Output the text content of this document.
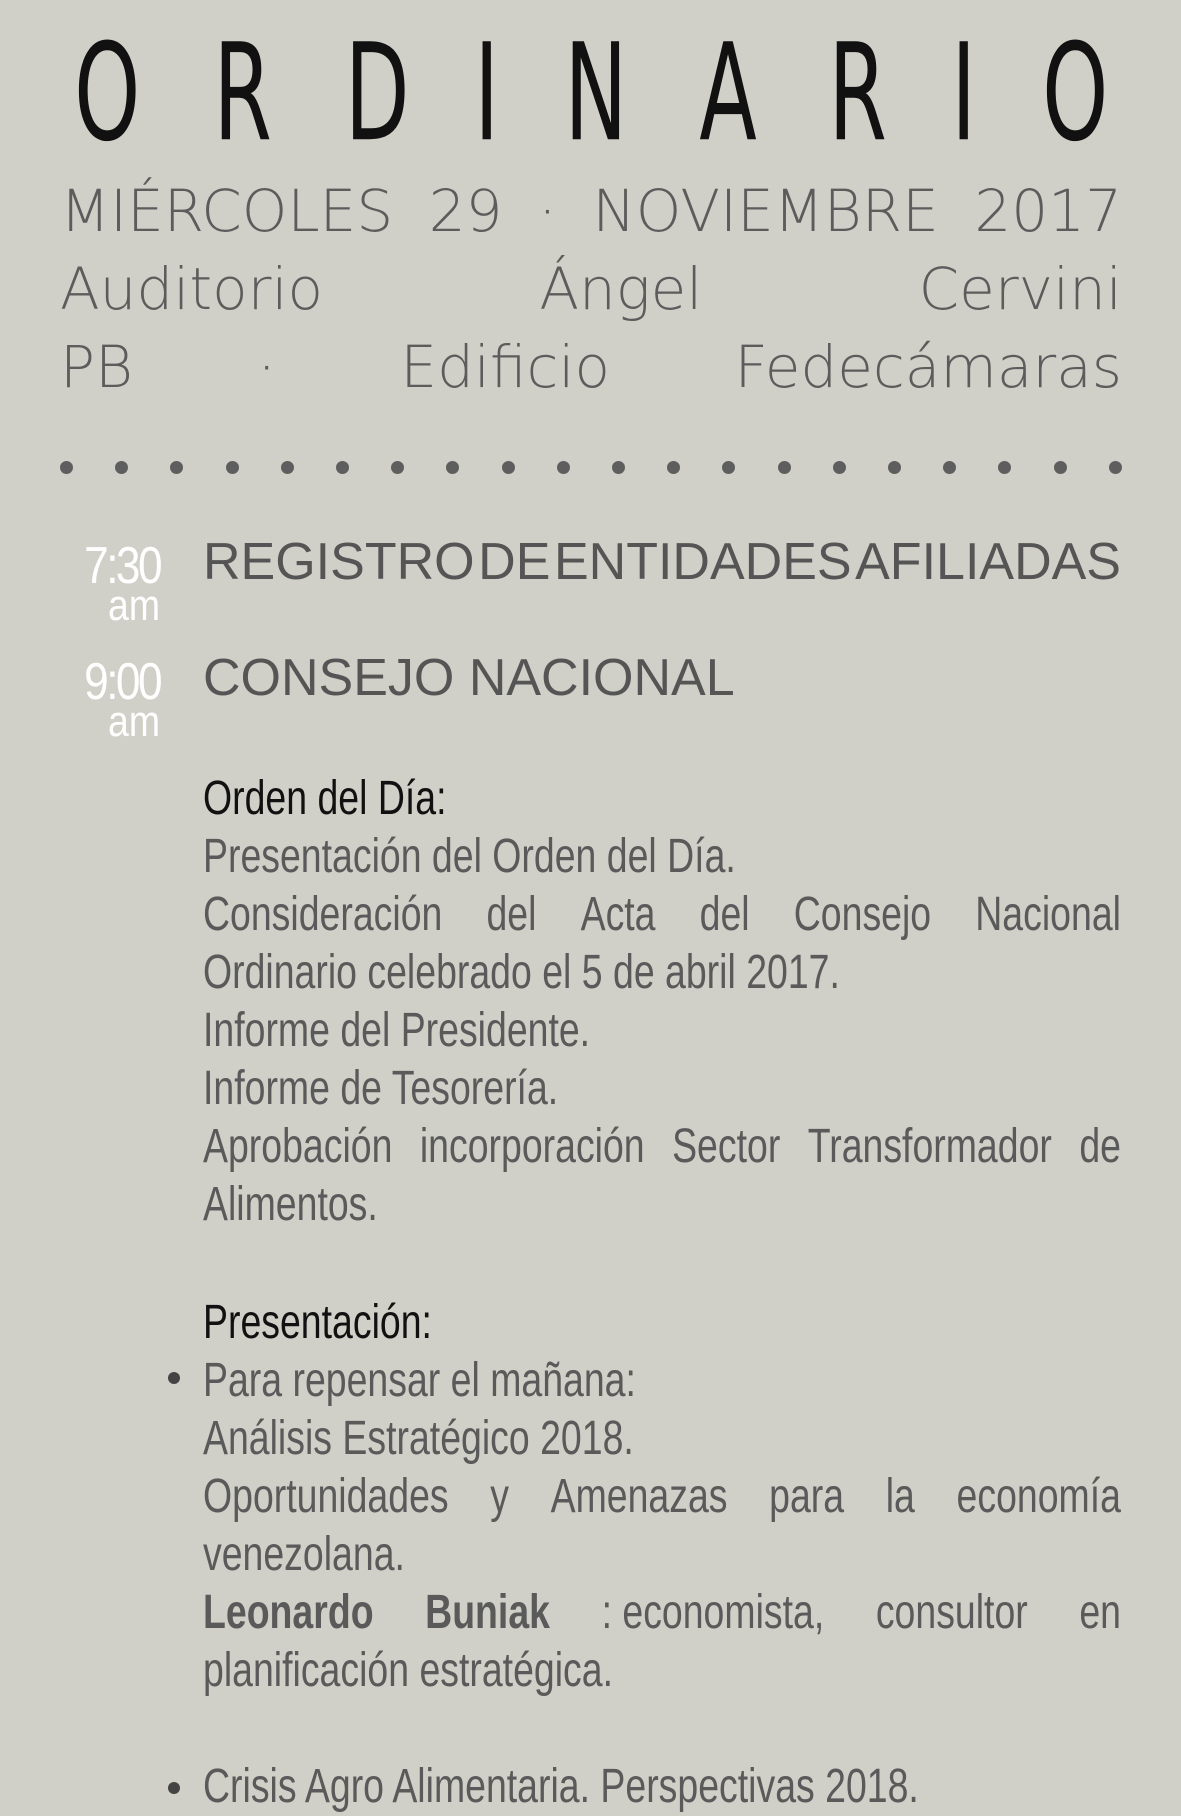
O R D I N A R I O
MIÉRCOLES 29 · NOVIEMBRE 2017
Auditorio	Ángel	Cervini
PB · Edificio Fedecámaras
7:30
am
REGISTRO DE ENTIDADES AFILIADAS
9:00
am
CONSEJO NACIONAL
Orden del Día:
Presentación del Orden del Día.
Consideración del Acta del Consejo Nacional
Ordinario celebrado el 5 de abril 2017.
Informe del Presidente.
Informe de Tesorería.
Aprobación incorporación Sector Transformador de
Alimentos.
Presentación:
Para repensar el mañana:
Análisis Estratégico 2018.
Oportunidades y Amenazas para la economía
venezolana.
Leonardo Buniak : economista, consultor en
planificación estratégica.
Crisis Agro Alimentaria. Perspectivas 2018.
